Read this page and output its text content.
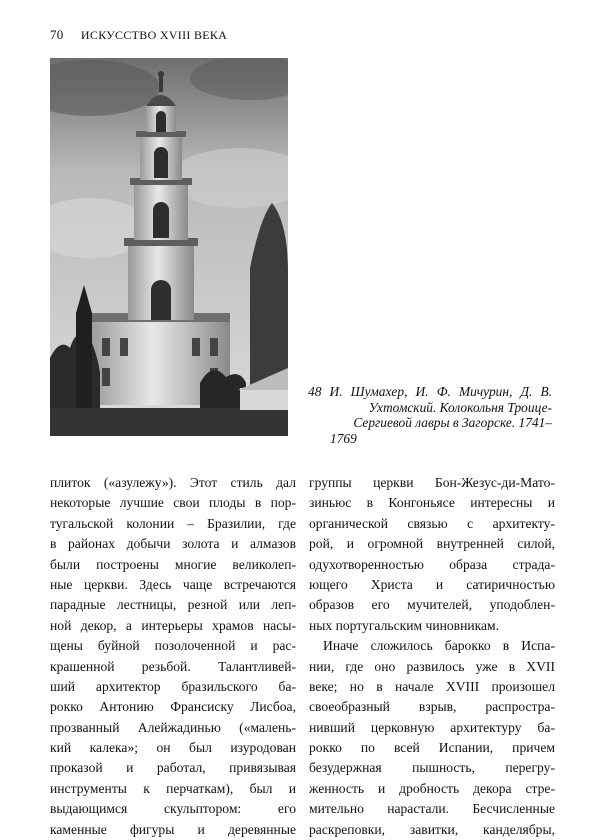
70 ИСКУССТВО XVIII ВЕКА
48 И. Шумахер, И. Ф. Мичурин, Д. В.
Ухтомский. Колокольня Троице-
Сергиевой лавры в Загорске. 1741–
1769
плиток («азулежу»). Этот стиль дал
некоторые лучшие свои плоды в пор-
тугальской колонии – Бразилии, где
в районах добычи золота и алмазов
были построены многие великолеп-
ные церкви. Здесь чаще встречаются
парадные лестницы, резной или леп-
ной декор, а интерьеры храмов насы-
щены буйной позолоченной и рас-
крашенной резьбой. Талантливей-
ший архитектор бразильского ба-
рокко Антонию Франсиску Лисбоа,
прозванный Алейжадинью («малень-
кий калека»; он был изуродован
проказой и работал, привязывая
инструменты к перчаткам), был и
выдающимся скульптором: его
каменные фигуры и деревянные
группы церкви Бон-Жезус-ди-Мато-
зиньюс в Конгоньясе интересны и
органической связью с архитекту-
рой, и огромной внутренней силой,
одухотворенностью образа страда-
ющего Христа и сатиричностью
образов его мучителей, уподоблен-
ных португальским чиновникам.
Иначе сложилось барокко в Испа-
нии, где оно развилось уже в XVII
веке; но в начале XVIII произошел
своеобразный взрыв, распростра-
нивший церковную архитектуру ба-
рокко по всей Испании, причем
безудержная пышность, перегру-
женность и дробность декора стре-
мительно нарастали. Бесчисленные
раскреповки, завитки, канделябры,
